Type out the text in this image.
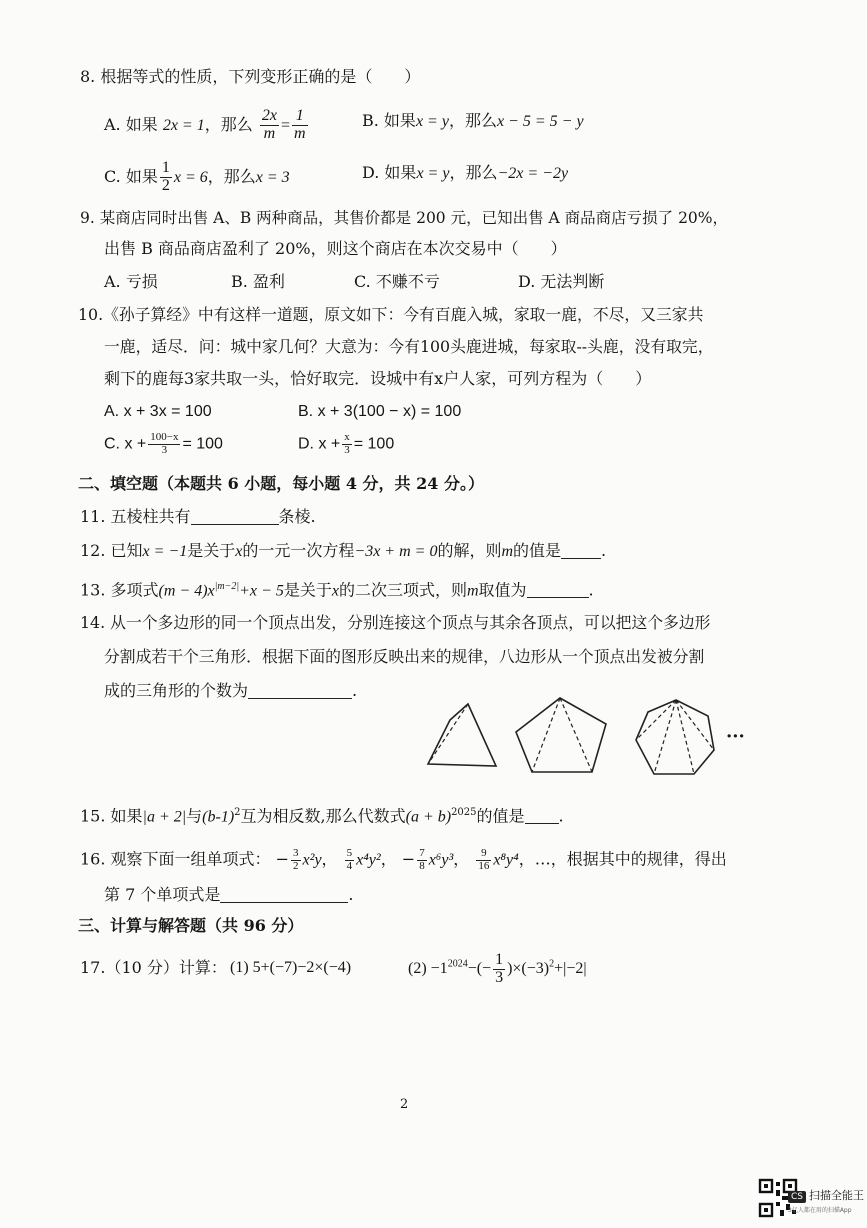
8. 根据等式的性质，下列变形正确的是（　　）
A. 如果 2x = 1，那么 $\frac{2x}{m} = \frac{1}{m}$	B. 如果x = y，那么x − 5 = 5 − y
C. 如果 $\frac{1}{2}$ x = 6，那么x = 3	D. 如果x = y，那么−2x = −2y
9. 某商店同时出售 A、B 两种商品，其售价都是 200 元，已知出售 A 商品商店亏损了 20%，
出售 B 商品商店盈利了 20%，则这个商店在本次交易中（　　）
A. 亏损	B. 盈利	C. 不赚不亏	D. 无法判断
10.《孙子算经》中有这样一道题，原文如下：今有百鹿入城，家取一鹿，不尽，又三家共
一鹿，适尽．问：城中家几何？大意为：今有100头鹿进城，每家取--头鹿，没有取完，
剩下的鹿每3家共取一头，恰好取完．设城中有x户人家，可列方程为（　　）
A. x + 3x = 100	B. x + 3(100 − x) = 100
C. $x + \frac{100-x}{3} = 100$	D. $x + \frac{x}{3} = 100$
二、填空题（本题共 6 小题，每小题 4 分，共 24 分。）
11. 五棱柱共有	条棱.
12. 已知x = −1是关于x的一元一次方程−3x + m = 0的解，则m的值是	.
13. 多项式$(m - 4)x^{|m-2|}+x - 5$是关于x的二次三项式，则m取值为	.
14. 从一个多边形的同一个顶点出发，分别连接这个顶点与其余各顶点，可以把这个多边形
分割成若干个三角形．根据下面的图形反映出来的规律，八边形从一个顶点出发被分割
成的三角形的个数为	.
···
15. 如果|a + 2|与$(b-1)^2$互为相反数,那么代数式$(a + b)^{2025}$的值是 .
16. 观察下面一组单项式： − $\frac{3}{2} x^2y$， $\frac{5}{4} x^4y^2$， − $\frac{7}{8} x^6y^3$， $\frac{9}{16} x^8y^4$，…，根据其中的规律，得出
第 7 个单项式是	.
三、计算与解答题（共 96 分）
17.（10 分）计算： (1) 5+(−7)−2×(−4)	$(2) -1^{2024}-(- \frac{1}{3} )\times(-3)^2+|-2|$
2
CS 扫描全能王
3亿人都在用的扫描App
